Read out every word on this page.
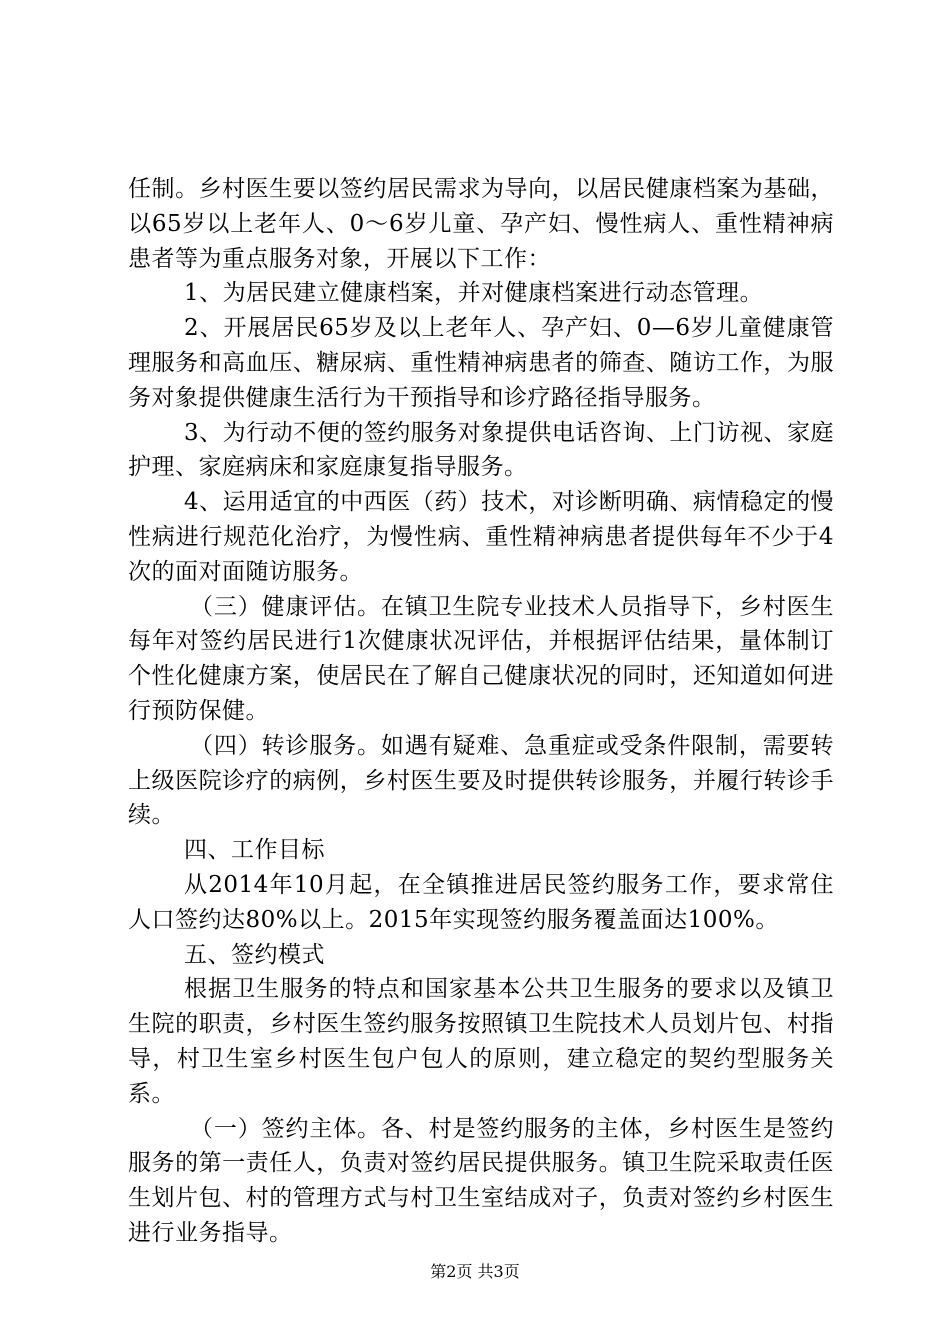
任制。乡村医生要以签约居民需求为导向，以居民健康档案为基础，以65岁以上老年人、0～6岁儿童、孕产妇、慢性病人、重性精神病患者等为重点服务对象，开展以下工作：

1、为居民建立健康档案，并对健康档案进行动态管理。

2、开展居民65岁及以上老年人、孕产妇、0—6岁儿童健康管理服务和高血压、糖尿病、重性精神病患者的筛查、随访工作，为服务对象提供健康生活行为干预指导和诊疗路径指导服务。

3、为行动不便的签约服务对象提供电话咨询、上门访视、家庭护理、家庭病床和家庭康复指导服务。

4、运用适宜的中西医（药）技术，对诊断明确、病情稳定的慢性病进行规范化治疗，为慢性病、重性精神病患者提供每年不少于4次的面对面随访服务。

（三）健康评估。在镇卫生院专业技术人员指导下，乡村医生每年对签约居民进行1次健康状况评估，并根据评估结果，量体制订个性化健康方案，使居民在了解自己健康状况的同时，还知道如何进行预防保健。

（四）转诊服务。如遇有疑难、急重症或受条件限制，需要转上级医院诊疗的病例，乡村医生要及时提供转诊服务，并履行转诊手续。

四、工作目标

从2014年10月起，在全镇推进居民签约服务工作，要求常住人口签约达80%以上。2015年实现签约服务覆盖面达100%。

五、签约模式

根据卫生服务的特点和国家基本公共卫生服务的要求以及镇卫生院的职责，乡村医生签约服务按照镇卫生院技术人员划片包、村指导，村卫生室乡村医生包户包人的原则，建立稳定的契约型服务关系。

（一）签约主体。各、村是签约服务的主体，乡村医生是签约服务的第一责任人，负责对签约居民提供服务。镇卫生院采取责任医生划片包、村的管理方式与村卫生室结成对子，负责对签约乡村医生进行业务指导。

第2页 共3页
